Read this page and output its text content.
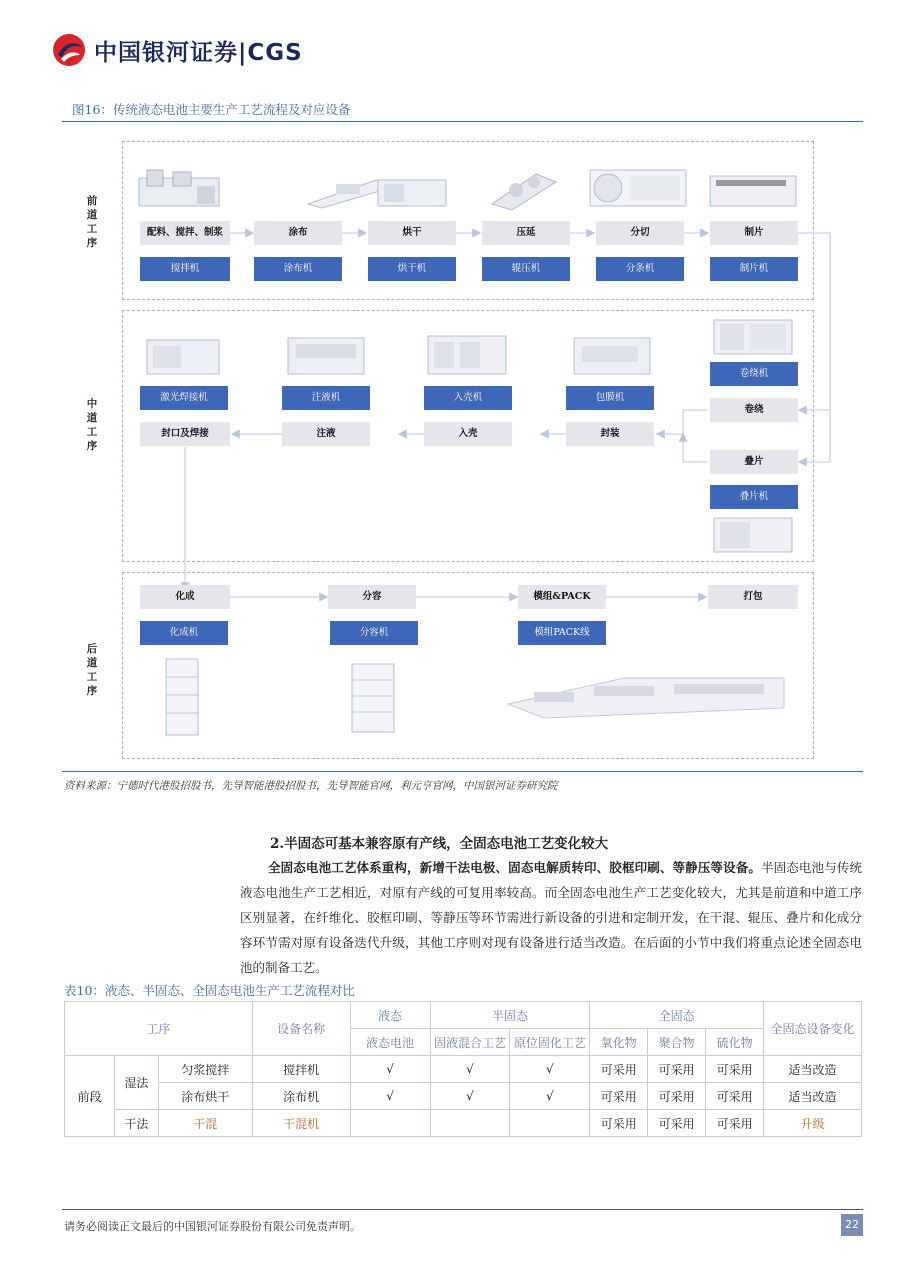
中国银河证券|CGS
图16：传统液态电池主要生产工艺流程及对应设备
前道工序
中道工序
后道工序
配料、搅拌、制浆	涂布	烘干	压延	分切	制片
搅拌机	涂布机	烘干机	辊压机	分条机	制片机
激光焊接机	注液机	入壳机	包膜机
封口及焊接	注液	入壳	封装
卷绕机
卷绕
叠片
叠片机
化成	分容	模组&PACK	打包
化成机	分容机	模组PACK线
资料来源：宁德时代港股招股书，先导智能港股招股书，先导智能官网，利元亨官网，中国银河证券研究院
2.半固态可基本兼容原有产线，全固态电池工艺变化较大
全固态电池工艺体系重构，新增干法电极、固态电解质转印、胶框印刷、等静压等设备。半固态电池与传统液态电池生产工艺相近，对原有产线的可复用率较高。而全固态电池生产工艺变化较大，尤其是前道和中道工序区别显著，在纤维化、胶框印刷、等静压等环节需进行新设备的引进和定制开发，在干混、辊压、叠片和化成分容环节需对原有设备迭代升级，其他工序则对现有设备进行适当改造。在后面的小节中我们将重点论述全固态电池的制备工艺。
表10：液态、半固态、全固态电池生产工艺流程对比
工序			设备名称	液态	半固态		全固态			全固态设备变化
				液态电池	固液混合工艺	原位固化工艺	氧化物	聚合物	硫化物	
前段	湿法	匀浆搅拌	搅拌机	√	√	√	可采用	可采用	可采用	适当改造
		涂布烘干	涂布机	√	√	√	可采用	可采用	可采用	适当改造
	干法	干混	干混机				可采用	可采用	可采用	升级
请务必阅读正文最后的中国银河证券股份有限公司免责声明。	22
